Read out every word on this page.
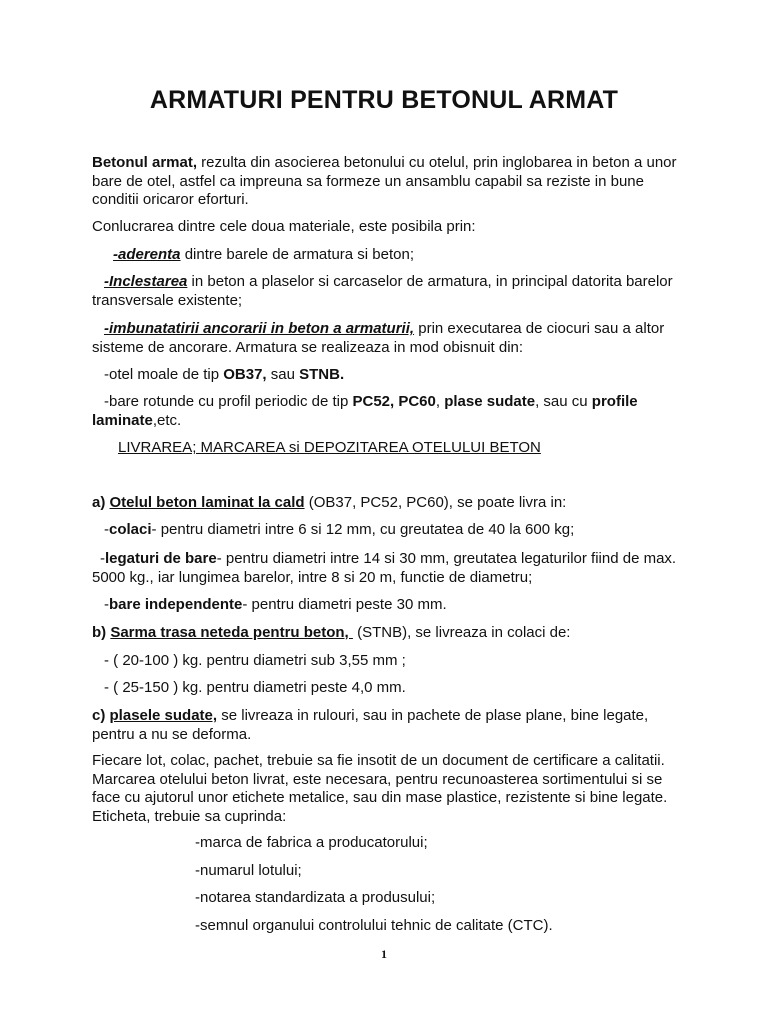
ARMATURI PENTRU BETONUL ARMAT
Betonul armat, rezulta din asocierea betonului cu otelul, prin inglobarea in beton a unor bare de otel, astfel ca impreuna sa formeze un ansamblu capabil sa reziste in bune conditii oricaror eforturi.
Conlucrarea dintre cele doua materiale, este posibila prin:
-aderenta dintre barele de armatura si beton;
-Inclestarea in beton a plaselor si carcaselor de armatura, in principal datorita barelor transversale existente;
-imbunatatirii ancorarii in beton a armaturii, prin executarea de ciocuri sau a altor sisteme de ancorare. Armatura se realizeaza in mod obisnuit din:
-otel moale de tip OB37, sau STNB.
-bare rotunde cu profil periodic de tip PC52, PC60, plase sudate, sau cu profile laminate,etc.
LIVRAREA; MARCAREA si DEPOZITAREA OTELULUI BETON
a) Otelul beton laminat la cald (OB37, PC52, PC60), se poate livra in:
-colaci- pentru diametri intre 6 si 12 mm, cu greutatea de 40 la 600 kg;
-legaturi de bare- pentru diametri intre 14 si 30 mm, greutatea legaturilor fiind de max. 5000 kg., iar lungimea barelor, intre 8 si 20 m, functie de diametru;
-bare independente- pentru diametri peste 30 mm.
b) Sarma trasa neteda pentru beton,  (STNB), se livreaza in colaci de:
- ( 20-100 ) kg. pentru diametri sub 3,55 mm ;
- ( 25-150 ) kg. pentru diametri peste 4,0 mm.
c) plasele sudate, se livreaza in rulouri, sau in pachete de plase plane, bine legate, pentru a nu se deforma.
Fiecare lot, colac, pachet, trebuie sa fie insotit de un document de certificare a calitatii. Marcarea otelului beton livrat, este necesara, pentru recunoasterea sortimentului si se face cu ajutorul unor etichete metalice, sau din mase plastice, rezistente si bine legate. Eticheta, trebuie sa cuprinda:
-marca de fabrica a producatorului;
-numarul lotului;
-notarea standardizata a produsului;
-semnul organului controlului tehnic de calitate (CTC).
1
